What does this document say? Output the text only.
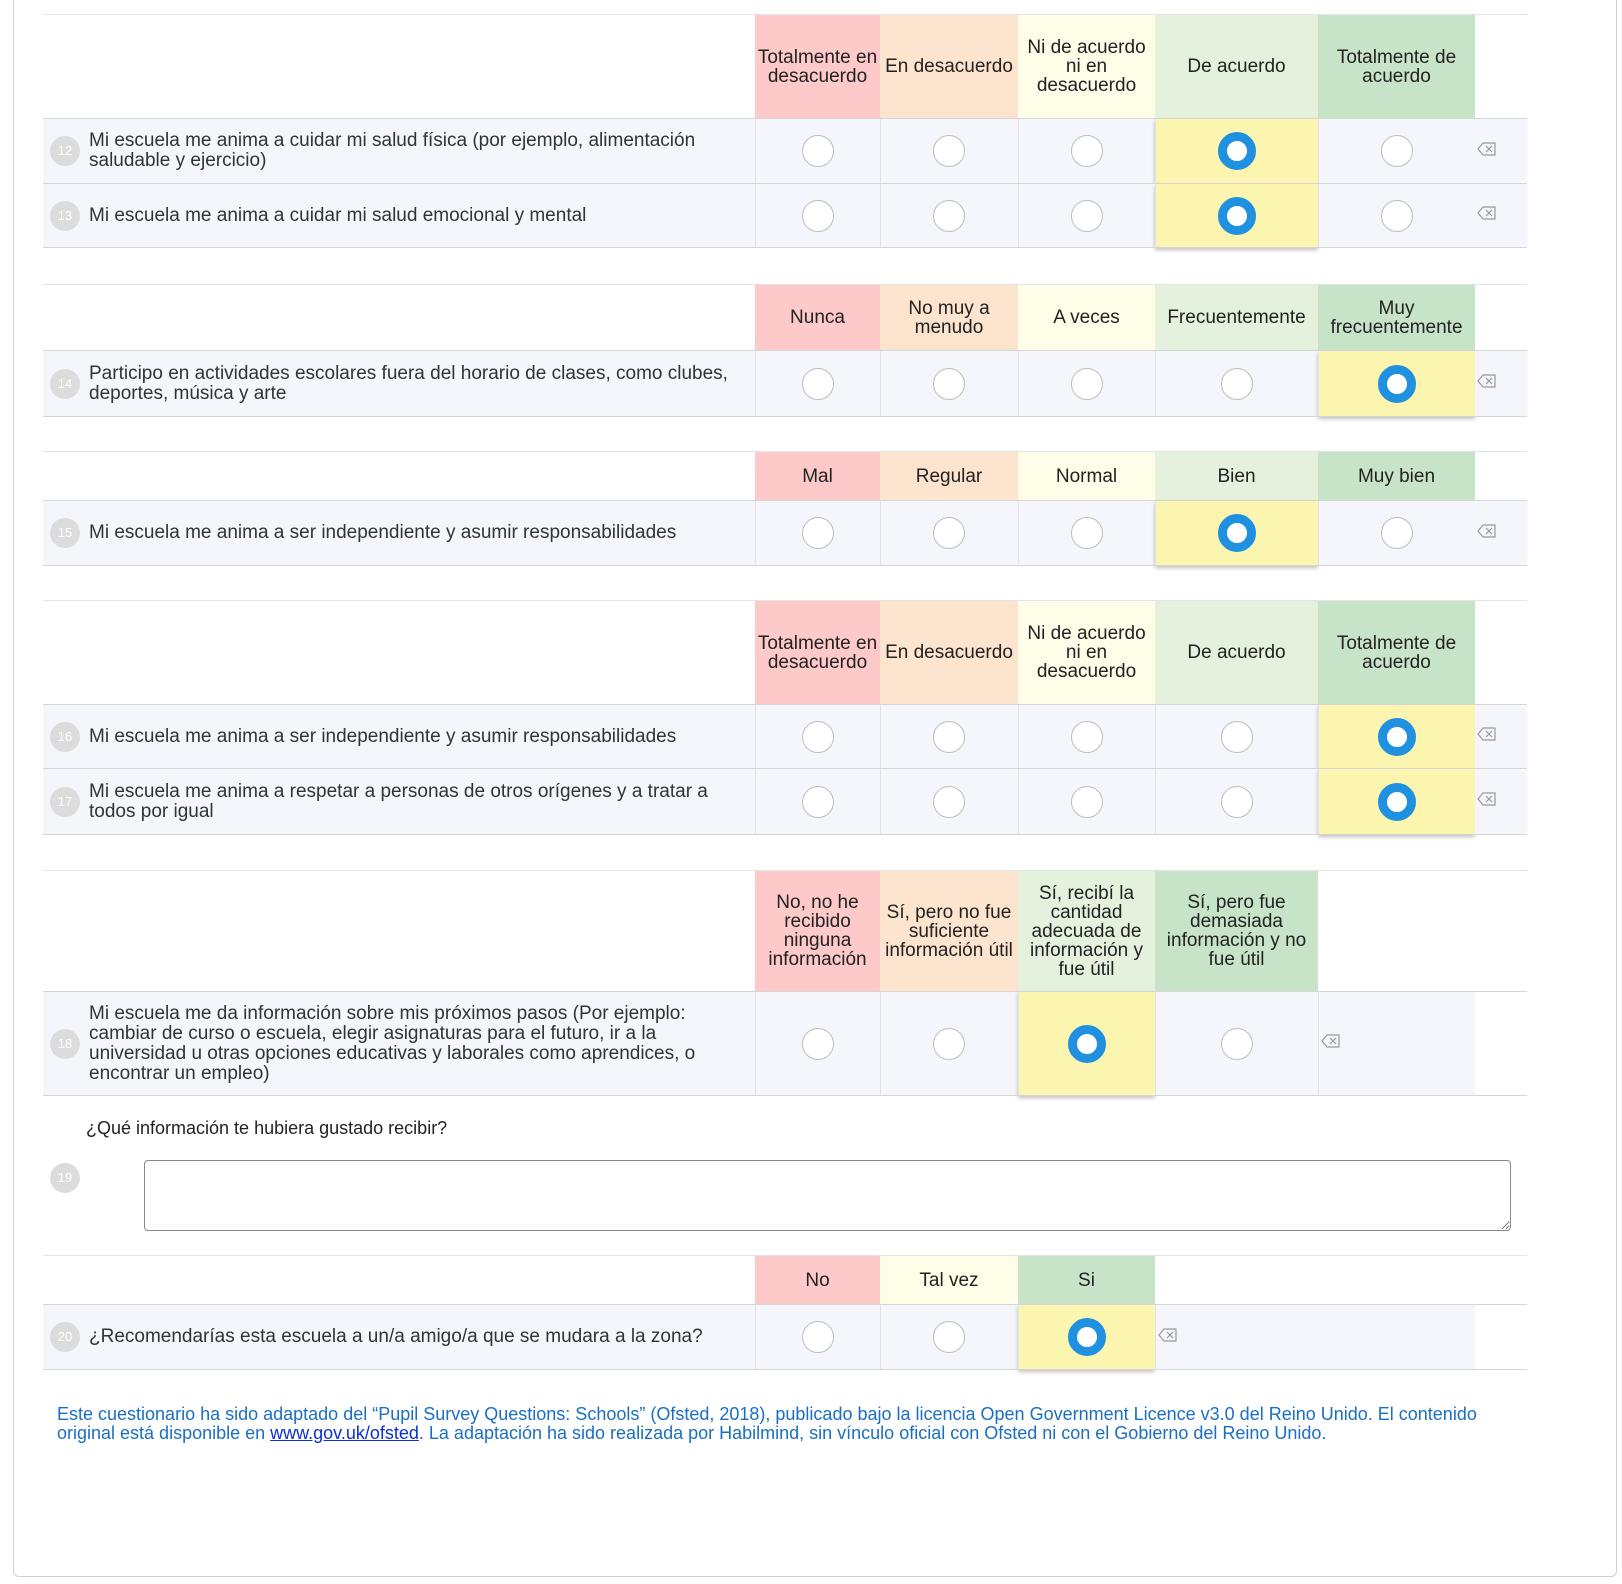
	Totalmente en desacuerdo	En desacuerdo	Ni de acuerdo ni en desacuerdo	De acuerdo	Totalmente de acuerdo	

12 Mi escuela me anima a cuidar mi salud física (por ejemplo, alimentación saludable y ejercicio)						

13 Mi escuela me anima a cuidar mi salud emocional y mental						
	Nunca	No muy a menudo	A veces	Frecuentemente	Muy frecuentemente	

14 Participo en actividades escolares fuera del horario de clases, como clubes, deportes, música y arte						
	Mal	Regular	Normal	Bien	Muy bien	

15 Mi escuela me anima a ser independiente y asumir responsabilidades						
	Totalmente en desacuerdo	En desacuerdo	Ni de acuerdo ni en desacuerdo	De acuerdo	Totalmente de acuerdo	

16 Mi escuela me anima a ser independiente y asumir responsabilidades						

17 Mi escuela me anima a respetar a personas de otros orígenes y a tratar a todos por igual						
	No, no he recibido ninguna información	Sí, pero no fue suficiente información útil	Sí, recibí la cantidad adecuada de información y fue útil	Sí, pero fue demasiada información y no fue útil		

18
Mi escuela me da información sobre mis próximos pasos (Por ejemplo: cambiar de curso o escuela, elegir asignaturas para el futuro, ir a la universidad u otras opciones educativas y laborales como aprendices, o encontrar un empleo)						
¿Qué información te hubiera gustado recibir?
19
	No	Tal vez	Si			

20 ¿Recomendarías esta escuela a un/a amigo/a que se mudara a la zona?						
Este cuestionario ha sido adaptado del “Pupil Survey Questions: Schools” (Ofsted, 2018), publicado bajo la licencia Open Government Licence v3.0 del Reino Unido. El contenido original está disponible en www.gov.uk/ofsted. La adaptación ha sido realizada por Habilmind, sin vínculo oficial con Ofsted ni con el Gobierno del Reino Unido.
